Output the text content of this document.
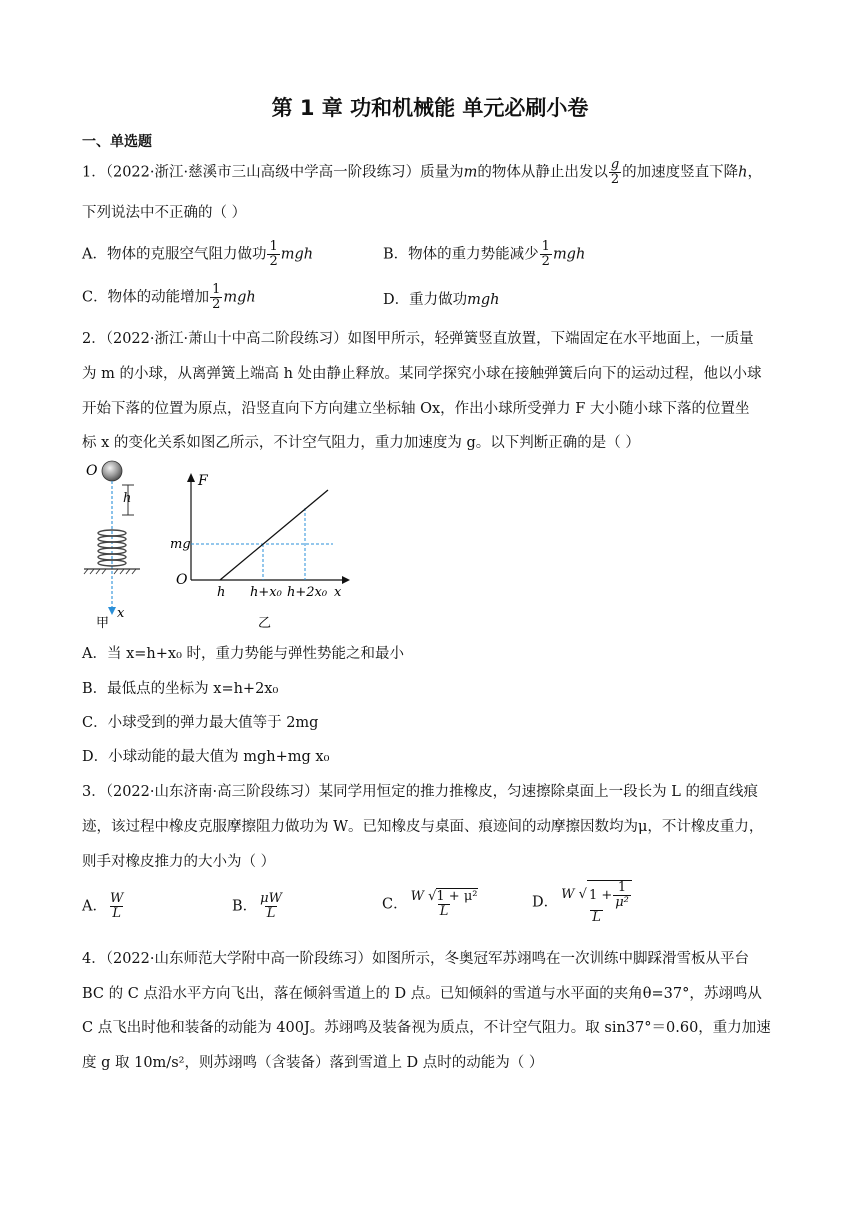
第 1 章 功和机械能 单元必刷小卷
一、单选题
1．（2022·浙江·慈溪市三山高级中学高一阶段练习）质量为m的物体从静止出发以 $\frac{g}{2}$ 的加速度竖直下降h，
下列说法中不正确的（ ）
A．物体的克服空气阻力做功 $\frac{1}{2}$ mgh	B．物体的重力势能减少 $\frac{1}{2}$ mgh
C．物体的动能增加 $\frac{1}{2}$ mgh	D．重力做功mgh
2．（2022·浙江·萧山十中高二阶段练习）如图甲所示，轻弹簧竖直放置，下端固定在水平地面上，一质量
为 m 的小球，从离弹簧上端高 h 处由静止释放。某同学探究小球在接触弹簧后向下的运动过程，他以小球
开始下落的位置为原点，沿竖直向下方向建立坐标轴 Ox，作出小球所受弹力 F 大小随小球下落的位置坐
标 x 的变化关系如图乙所示，不计空气阻力，重力加速度为 g。以下判断正确的是（ ）
O
h
x
甲
F
O
mg
h h+x₀ h+2x₀ x
乙
A．当 x=h+x₀ 时，重力势能与弹性势能之和最小
B．最低点的坐标为 x=h+2x₀
C．小球受到的弹力最大值等于 2mg
D．小球动能的最大值为 mgh+mg x₀
3．（2022·山东济南·高三阶段练习）某同学用恒定的推力推橡皮，匀速擦除桌面上一段长为 L 的细直线痕
迹，该过程中橡皮克服摩擦阻力做功为 W。已知橡皮与桌面、痕迹间的动摩擦因数均为μ，不计橡皮重力，
则手对橡皮推力的大小为（ ）
A． $\frac{W}{L}$	B． $\frac{\mu W}{L}$	C． $\frac{\text{W √1 + μ²}}{L}$	D． $\frac{W √ 1 + \frac{1}{\text{μ²}}}{L}$
4．（2022·山东师范大学附中高一阶段练习）如图所示，冬奥冠军苏翊鸣在一次训练中脚踩滑雪板从平台
BC 的 C 点沿水平方向飞出，落在倾斜雪道上的 D 点。已知倾斜的雪道与水平面的夹角θ=37°，苏翊鸣从
C 点飞出时他和装备的动能为 400J。苏翊鸣及装备视为质点，不计空气阻力。取 sin37°＝0.60，重力加速
度 g 取 10m/s²，则苏翊鸣（含装备）落到雪道上 D 点时的动能为（ ）
